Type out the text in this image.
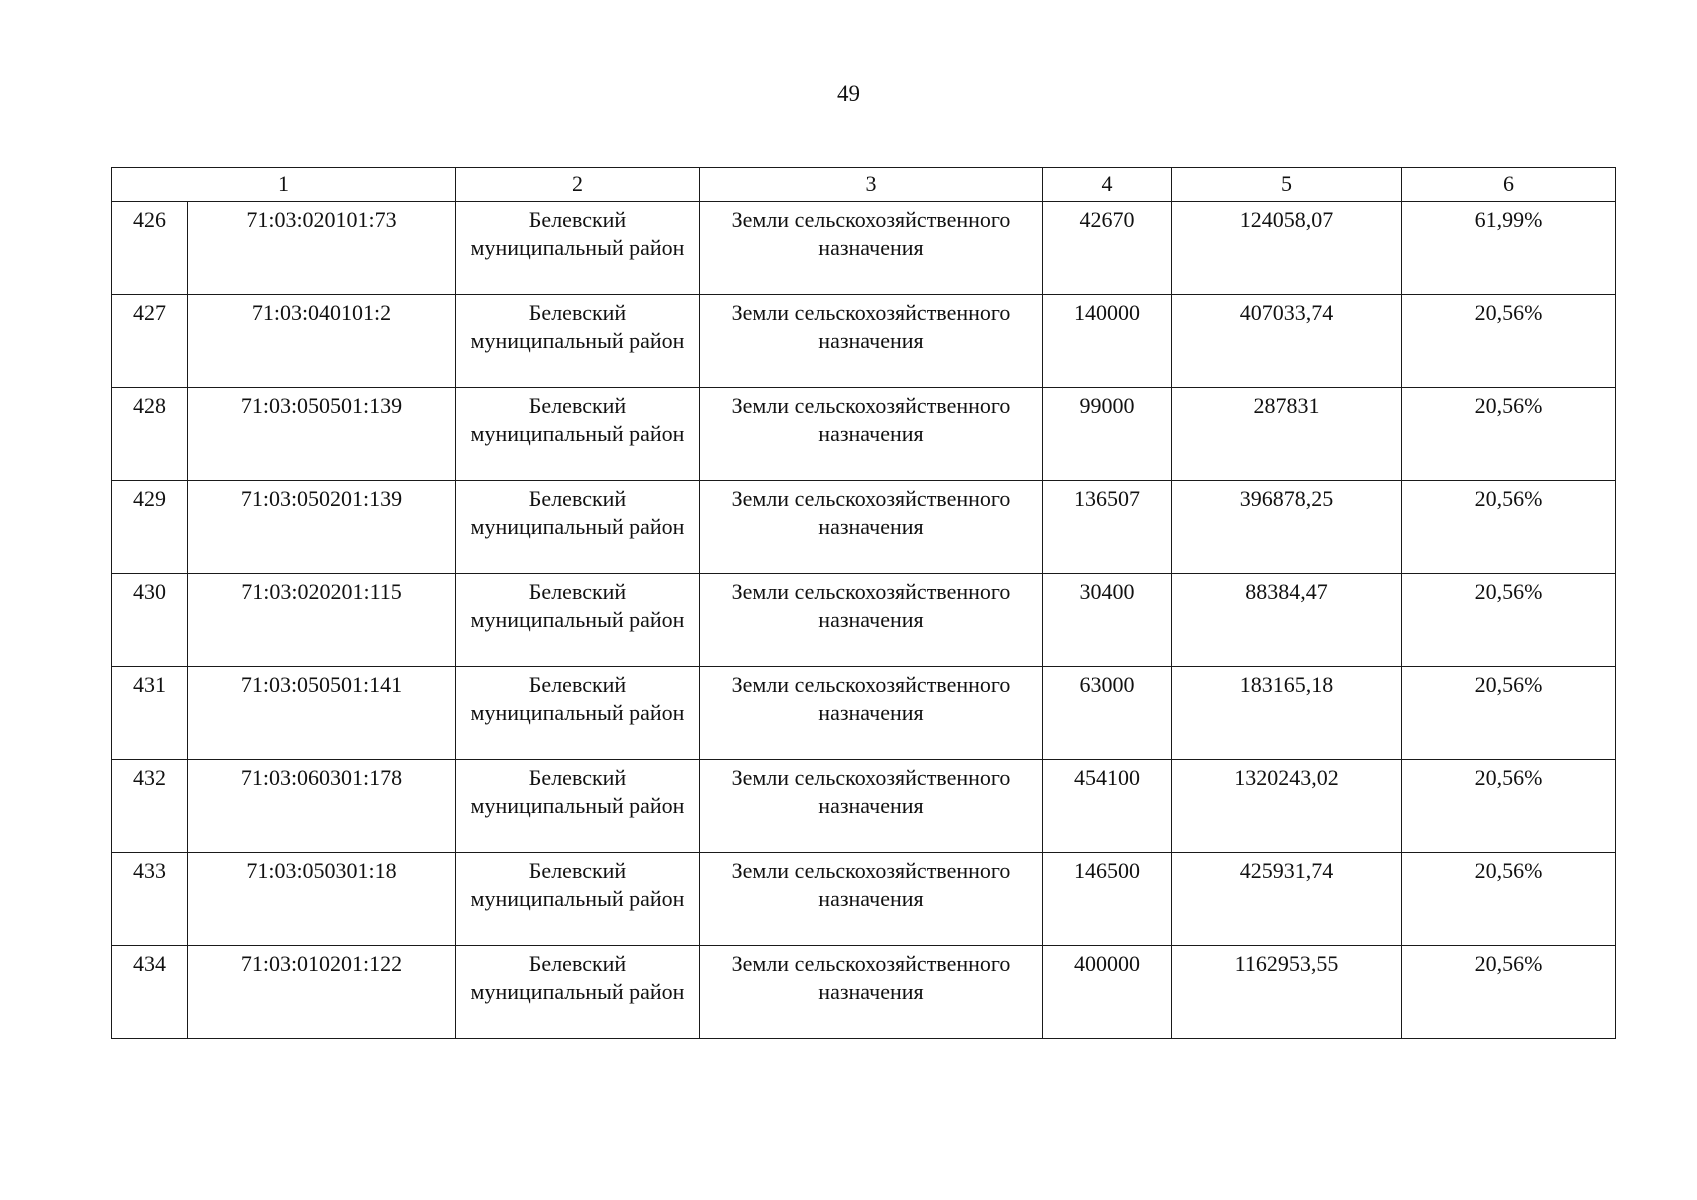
49
1		2	3	4	5	6
426	71:03:020101:73	Белевский муниципальный район	Земли сельскохозяйственного назначения	42670	124058,07	61,99%
427	71:03:040101:2	Белевский муниципальный район	Земли сельскохозяйственного назначения	140000	407033,74	20,56%
428	71:03:050501:139	Белевский муниципальный район	Земли сельскохозяйственного назначения	99000	287831	20,56%
429	71:03:050201:139	Белевский муниципальный район	Земли сельскохозяйственного назначения	136507	396878,25	20,56%
430	71:03:020201:115	Белевский муниципальный район	Земли сельскохозяйственного назначения	30400	88384,47	20,56%
431	71:03:050501:141	Белевский муниципальный район	Земли сельскохозяйственного назначения	63000	183165,18	20,56%
432	71:03:060301:178	Белевский муниципальный район	Земли сельскохозяйственного назначения	454100	1320243,02	20,56%
433	71:03:050301:18	Белевский муниципальный район	Земли сельскохозяйственного назначения	146500	425931,74	20,56%
434	71:03:010201:122	Белевский муниципальный район	Земли сельскохозяйственного назначения	400000	1162953,55	20,56%
